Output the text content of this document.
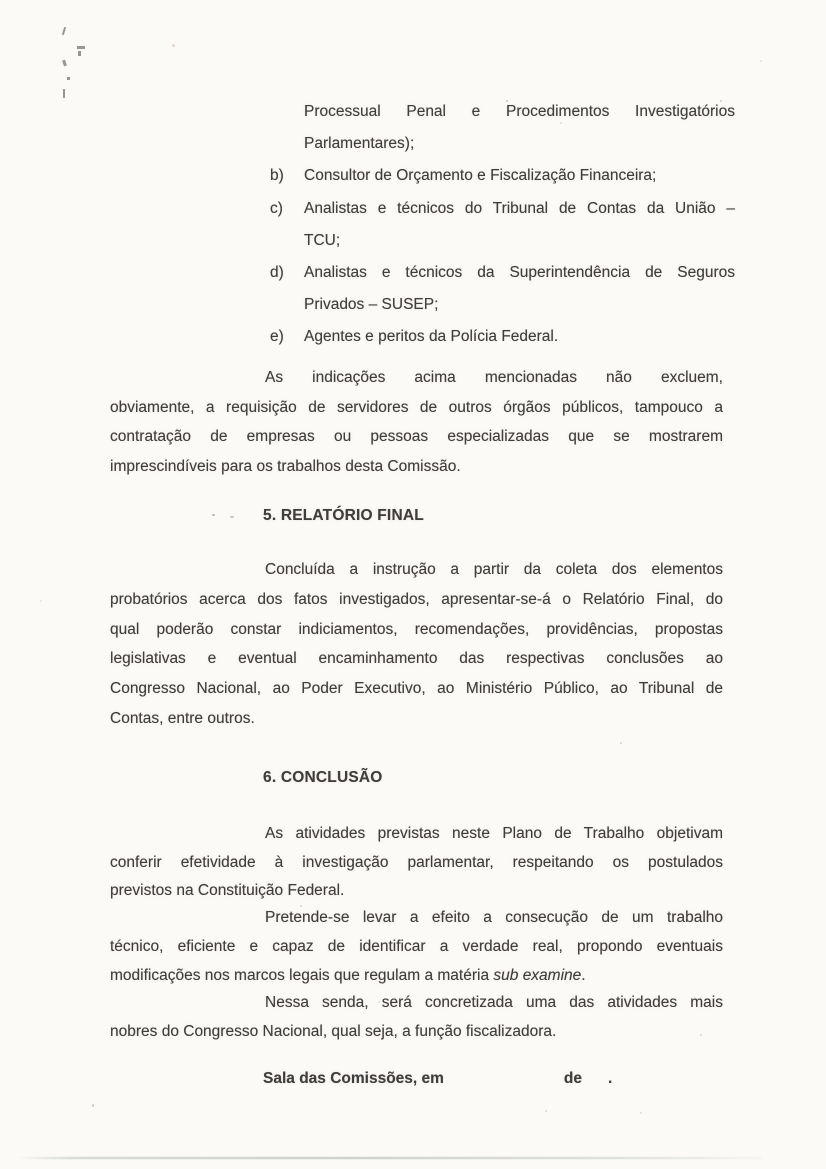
Processual Penal e Procedimentos Investigatórios
Parlamentares);
b) Consultor de Orçamento e Fiscalização Financeira;
c) Analistas e técnicos do Tribunal de Contas da União –
TCU;
d) Analistas e técnicos da Superintendência de Seguros
Privados – SUSEP;
e) Agentes e peritos da Polícia Federal.
As indicações acima mencionadas não excluem,
obviamente, a requisição de servidores de outros órgãos públicos, tampouco a
contratação de empresas ou pessoas especializadas que se mostrarem
imprescindíveis para os trabalhos desta Comissão.
5. RELATÓRIO FINAL
Concluída a instrução a partir da coleta dos elementos
probatórios acerca dos fatos investigados, apresentar-se-á o Relatório Final, do
qual poderão constar indiciamentos, recomendações, providências, propostas
legislativas e eventual encaminhamento das respectivas conclusões ao
Congresso Nacional, ao Poder Executivo, ao Ministério Público, ao Tribunal de
Contas, entre outros.
6. CONCLUSÃO
As atividades previstas neste Plano de Trabalho objetivam
conferir efetividade à investigação parlamentar, respeitando os postulados
previstos na Constituição Federal.
Pretende-se levar a efeito a consecução de um trabalho
técnico, eficiente e capaz de identificar a verdade real, propondo eventuais
modificações nos marcos legais que regulam a matéria sub examine.
Nessa senda, será concretizada uma das atividades mais
nobres do Congresso Nacional, qual seja, a função fiscalizadora.
Sala das Comissões, em	de .
